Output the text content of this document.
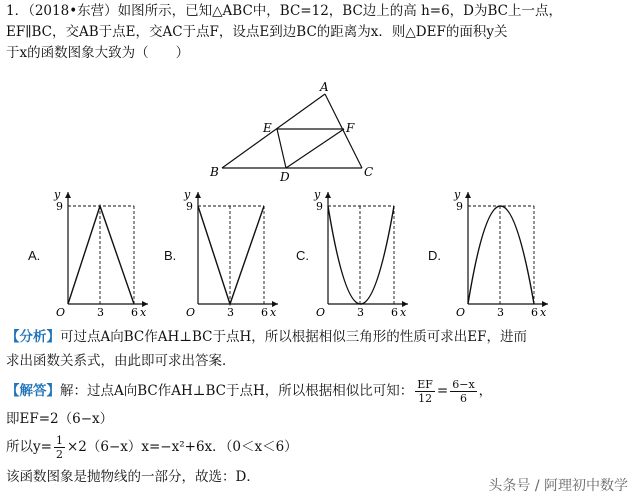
1．（2018•东营）如图所示，已知△ABC中，BC=12，BC边上的高 h=6，D为BC上一点，
EF∥BC，交AB于点E，交AC于点F，设点E到边BC的距离为x．则△DEF的面积y关
于x的函数图象大致为（　　）
A
B	C
D
E	F
A.	B.	C.	D.
y
x
O
9
3 6
y
x
O
9
3 6
y
x
O
9
3 6
y
x
O
9
3 6
【分析】可过点A向BC作AH⊥BC于点H，所以根据相似三角形的性质可求出EF，进而
求出函数关系式，由此即可求出答案．
【解答】解：过点A向BC作AH⊥BC于点H，所以根据相似比可知： $\frac{EF}{12} = \frac{6-x}{6}$ ，
即EF=2（6−x）
所以$y= \frac{1}{2} \times 2(6-x)x=-x^2+6x$．（0＜x＜6）
该函数图象是抛物线的一部分，故选：D．
头条号 / 阿理初中数学
